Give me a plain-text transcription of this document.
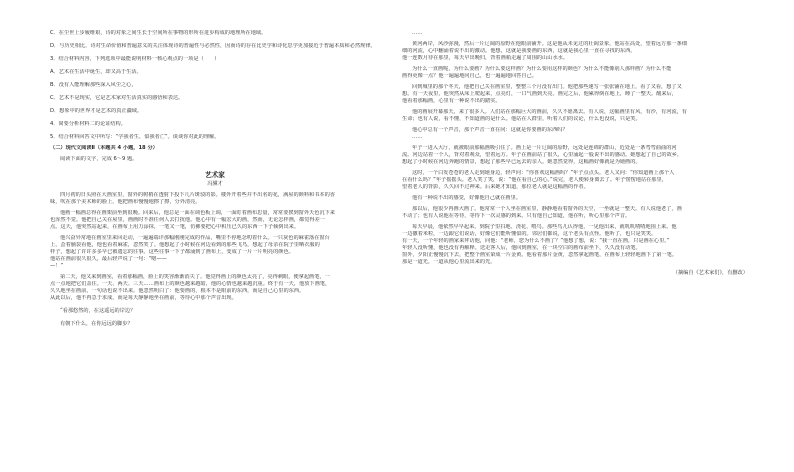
C．在尘世上步履维艰，诗的对象之间生长于空间所在事物的形所在进步构成的地理所在地域。
D．与历史相比，诗对生命价值和普遍意义的关注体现诗的普遍性与必然性，因而诗的存在比史学和诗化思学更加接近于普遍本质和必然规律。
3．结合材料内容，下列选项中最能说明材料一核心观点的一项是（　　）
A．艺术在生活中诞生，却又高于生活。
B．没有人能理解那些深入风尘之心，
C．艺术不是现实，它是艺术家对生活真实的感悟和表达。
D．想象中的世界才是艺术的真正疆域。
4．简要分析材料二的论证结构。
5．结合材料回答文中所写：“学我者生，似我者亡”。谈谈你对此的理解。
（二）现代文阅读Ⅱ（本题共 4 小题，18 分）
阅读下面的文字，完成 6～9 题。
艺术家
冯骥才
四月初的日头照在大画室里，窗外的树梢在透射下投下几片斑驳的影。楼外开着些并不出名的花，满屋的颜料和书本的香
味，吹在那个美术师的脸上，他把画布慢慢地擦了擦，分外清亮。
他画一幅画总得在画架前坐到很晚。回来后，他总是一面在调色板上调，一面盯着画布思量，常常要挨到窗外天色沉下来
也浑然不觉。他把自己关在屋里，画画时不准任何人去打扰他。他心中有一幅宏大的画，然而，无论怎样画，都觉得差一
点。这天，他突然站起来，在画布上用力涂抹，一笔又一笔，仿佛要把心中积压已久的东西一下子倾倒出来。
他兴奋异常地在画室里来回走动，一遍遍端详那幅刚刚完成的作品，嘴里不停地念叨着什么。一只灰色的麻雀落在窗台
上，歪着脑袋看他，他也看着麻雀，忽然笑了。他想起了小时候在河边看到的那些飞鸟，想起了母亲在院子里晒衣服的
样子，想起了许许多多早已被遗忘的往事。这些往事一下子都涌到了画布上，变成了一片一片明亮的颜色。
他站在画前很久很久，最后轻声说了一句：“嗯——
—！”
第二天，他又来到画室，看着那幅画，脸上的笑容渐渐消失了。他觉得画上的颜色太亮了，亮得刺眼，便拿起画笔，一
点一点地把它们盖住。一天、两天、三天……画布上的颜色越来越暗，他的心情也越来越沉重。终于有一天，他放下画笔，
久久地坐在画前，一句话也说不出来。他忽然明白了：他要画的，根本不是眼前的东西，而是自己心里的东西。
从此以后，他不再急于求成，而是每天静静地坐在画前，等待心中那个声音出现。
“看那悠然的，在这遥远的岸边？
有朝下什么，在你远远的脚步？
……
黄河两岸，风沙弥漫，然后一片辽阔的原野在他眼前铺开。这是他从未见过的壮阔景象，他站在高处，望着远方那一条细
细的河流，心中翻涌着说不出的激动。他想，这就是我要画的东西，这就是我心里一直在寻找的东西。
他一连数月待在那里，每天早出晚归，背着画箱走遍了周围的山山水水。
为什么一直画呢，为什么要画？为什么要这样画？为什么要用这样的颜色？为什么不能像别人那样画？为什么不能
画得更像一点？他一遍遍地问自己，也一遍遍地回答自己。
回到城里的那个冬天，他把自己关在画室里，整整三个月没有出门。他把那些速写一张张铺在地上，看了又看，想了又
想。有一天夜里，他突然从床上爬起来，点亮灯，一口气画到天亮。画完之后，他累得倒在地上，睡了一整天。醒来后，
他看着那幅画，心里有一种说不出的踏实。
他的画展开幕那天，来了很多人。人们站在那幅巨大的画前，久久不愿离去。有人说，这幅画里有风，有沙，有河流，有
生命；也有人说，看不懂，不知道画的是什么。他站在人群里，听着人们的议论，什么也没说，只是笑。
他心中总有一个声音，那个声音一直在问：这就是你要画的东西吗？
……
年子一进入大厅，就被眼前那幅画吸引住了。画上是一片辽阔的原野，远处是连绵的群山，近处是一条弯弯曲曲的河
流。河边站着一个人，背对着观众，望着远方。年子在画前站了很久，心里涌起一股说不出的感动。她想起了自己的故乡，
想起了小时候在河边奔跑的情景，想起了那些早已远去的亲人。她忽然觉得，这幅画好像就是为她画的。
这时，一个白发苍苍的老人走到她身边，轻声问：“你喜欢这幅画吗？”年子点点头。老人又问：“你知道画上那个人
在看什么吗？”年子摇摇头。老人笑了笑，说：“他在看自己的心。”说完，老人便转身离去了。年子愣愣地站在那里，
望着老人的背影，久久回不过神来。后来她才知道，那位老人就是这幅画的作者。
他有一种说不出的感觉，好像他自己就在画里。
那以后，他很少再画大画了。他常常一个人坐在画室里，静静地看着窗外的天空，一坐就是一整天。有人说他老了，画
不动了；也有人说他在等待，等待下一次灵感的到来。只有他自己知道，他在听，听心里那个声音。
每天早晨，他依然早早起来，到院子里扫地、浇花、喂鸟。那些鸟儿认得他，一见他出来，就叽叽喳喳地围上来。他
一边撒着米粒，一边跟它们说话，好像它们能听懂似的。邻居们都说，这个老头有点怪。他听了，也只是笑笑。
有一天，一个年轻的画家来拜访他，问他：“老师，您为什么不画了？”他想了想，说：“我一直在画，只是画在心里。”
年轻人没听懂，他也没有再解释。送走客人后，他回到画室，在一块空白的画布前坐下，久久没有动笔。
窗外，夕阳正慢慢沉下去，把整个画室染成一片金黄。他看着那片金黄，忽然拿起画笔，在画布上轻轻地画下了第一笔。
那是一道光，一道从他心里流出来的光。
（摘编自《艺术家们》，有删改）
